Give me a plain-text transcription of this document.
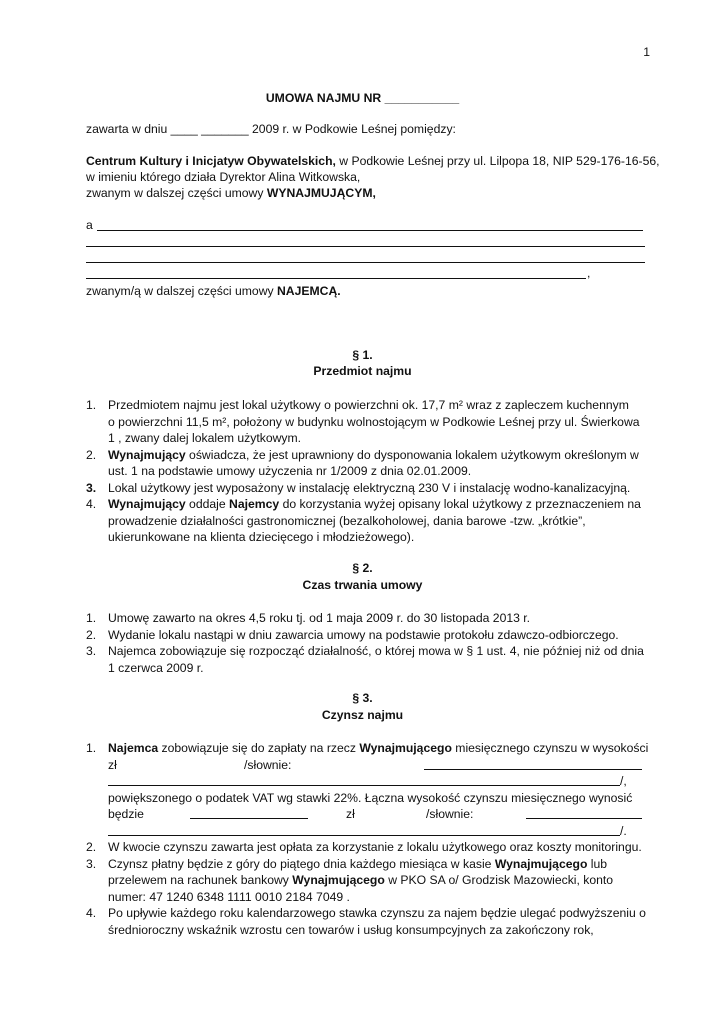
1
UMOWA NAJMU NR ___________
zawarta w dniu ____ _______ 2009 r. w Podkowie Leśnej pomiędzy:
Centrum Kultury i Inicjatyw Obywatelskich, w Podkowie Leśnej przy ul. Lilpopa 18, NIP 529-176-16-56,
w imieniu którego działa Dyrektor Alina Witkowska,
zwanym w dalszej części umowy WYNAJMUJĄCYM,
a
,
zwanym/ą w dalszej części umowy NAJEMCĄ.
§ 1.
Przedmiot najmu
1. Przedmiotem najmu jest lokal użytkowy o powierzchni ok. 17,7 m² wraz z zapleczem kuchennym
o powierzchni 11,5 m², położony w budynku wolnostojącym w Podkowie Leśnej przy ul. Świerkowa
1 , zwany dalej lokalem użytkowym.
2. Wynajmujący oświadcza, że jest uprawniony do dysponowania lokalem użytkowym określonym w
ust. 1 na podstawie umowy użyczenia nr 1/2009 z dnia 02.01.2009.
3. Lokal użytkowy jest wyposażony w instalację elektryczną 230 V i instalację wodno-kanalizacyjną.
4. Wynajmujący oddaje Najemcy do korzystania wyżej opisany lokal użytkowy z przeznaczeniem na
prowadzenie działalności gastronomicznej (bezalkoholowej, dania barowe -tzw. „krótkie”,
ukierunkowane na klienta dziecięcego i młodzieżowego).
§ 2.
Czas trwania umowy
1. Umowę zawarto na okres 4,5 roku tj. od 1 maja 2009 r. do 30 listopada 2013 r.
2. Wydanie lokalu nastąpi w dniu zawarcia umowy na podstawie protokołu zdawczo-odbiorczego.
3. Najemca zobowiązuje się rozpocząć działalność, o której mowa w § 1 ust. 4, nie później niż od dnia
1 czerwca 2009 r.
§ 3.
Czynsz najmu
1. Najemca zobowiązuje się do zapłaty na rzecz Wynajmującego miesięcznego czynszu w wysokości
zł	/słownie:
/,
powiększonego o podatek VAT wg stawki 22%. Łączna wysokość czynszu miesięcznego wynosić
będzie	zł	/słownie:
/.
2. W kwocie czynszu zawarta jest opłata za korzystanie z lokalu użytkowego oraz koszty monitoringu.
3. Czynsz płatny będzie z góry do piątego dnia każdego miesiąca w kasie Wynajmującego lub
przelewem na rachunek bankowy Wynajmującego w PKO SA o/ Grodzisk Mazowiecki, konto
numer: 47 1240 6348 1111 0010 2184 7049 .
4. Po upływie każdego roku kalendarzowego stawka czynszu za najem będzie ulegać podwyższeniu o
średnioroczny wskaźnik wzrostu cen towarów i usług konsumpcyjnych za zakończony rok,
